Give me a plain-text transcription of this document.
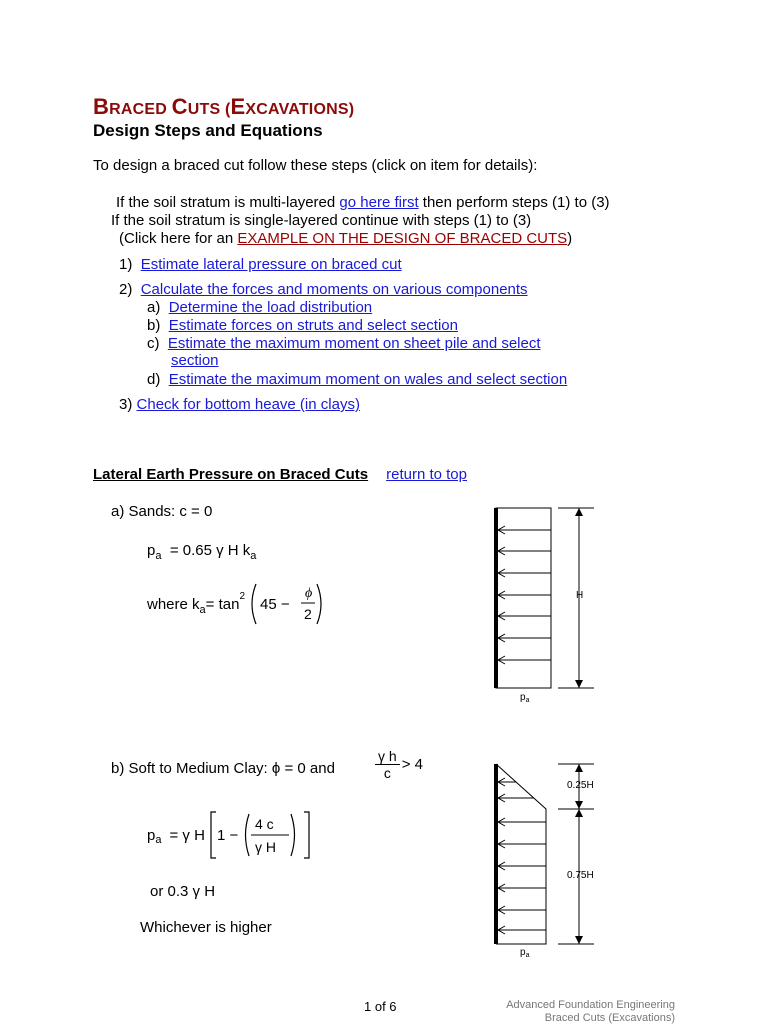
BRACED CUTS (EXCAVATIONS)
Design Steps and Equations
To design a braced cut follow these steps (click on item for details):
If the soil stratum is multi-layered go here first then perform steps (1) to (3)
If the soil stratum is single-layered continue with steps (1) to (3)
(Click here for an EXAMPLE ON THE DESIGN OF BRACED CUTS)
1) Estimate lateral pressure on braced cut
2) Calculate the forces and moments on various components
a) Determine the load distribution
b) Estimate forces on struts and select section
c) Estimate the maximum moment on sheet pile and select
section
d) Estimate the maximum moment on wales and select section
3) Check for bottom heave (in clays)
Lateral Earth Pressure on Braced Cuts return to top
a) Sands: c = 0
$p_a = 0.65$ γ H $k_a$
where $k_a = \tan^2 45$ −
ϕ
2
H
$p_a$
b) Soft to Medium Clay: ϕ = 0 and	$\frac{\text{γ h}}{c} > 4$
$p_a = \gamma$ H 1 −
4 c
γ H
or 0.3 γ H
Whichever is higher
0.25H
0.75H
$p_a$
1 of 6	Advanced Foundation Engineering
Braced Cuts (Excavations)
